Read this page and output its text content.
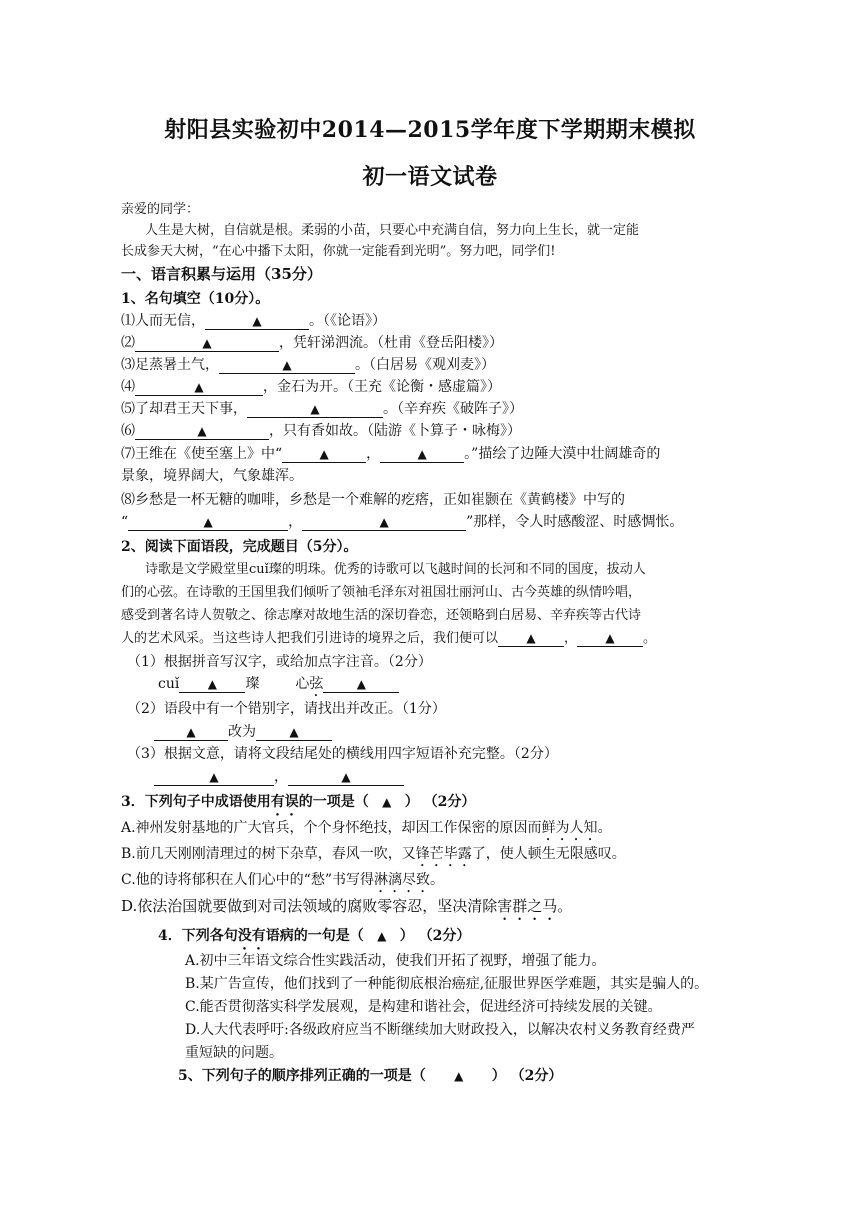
射阳县实验初中2014—2015学年度下学期期末模拟
初一语文试卷
亲爱的同学：
人生是大树，自信就是根。柔弱的小苗，只要心中充满自信，努力向上生长，就一定能
长成参天大树，“在心中播下太阳，你就一定能看到光明”。努力吧，同学们!
一、语言积累与运用（35分）
1、名句填空（10分）。
⑴人而无信，	▲	。（《论语》）
⑵	▲	，凭轩涕泗流。（杜甫《登岳阳楼》）
⑶足蒸暑土气，	▲	。（白居易《观刈麦》）
⑷	▲	，金石为开。（王充《论衡・感虚篇》）
⑸了却君王天下事，	▲	。（辛弃疾《破阵子》）
⑹	▲	，只有香如故。（陆游《卜算子・咏梅》）
⑺王维在《使至塞上》中“	▲	，	▲	。”描绘了边陲大漠中壮阔雄奇的
景象，境界阔大，气象雄浑。
⑻乡愁是一杯无糖的咖啡，乡愁是一个难解的疙瘩，正如崔颢在《黄鹤楼》中写的
“	▲	，	▲	”那样，令人时感酸涩、时感惆怅。
2、阅读下面语段，完成题目（5分）。
诗歌是文学殿堂里cuǐ璨的明珠。优秀的诗歌可以飞越时间的长河和不同的国度，拔动人
们的心弦。在诗歌的王国里我们倾听了领袖毛泽东对祖国壮丽河山、古今英雄的纵情吟唱，
感受到著名诗人贺敬之、徐志摩对故地生活的深切眷恋，还领略到白居易、辛弃疾等古代诗
人的艺术风采。当这些诗人把我们引进诗的境界之后，我们便可以 ▲ ， ▲ 。
（1）根据拼音写汉字，或给加点字注音。（2分）
cuǐ ▲ 璨	心弦	▲
（2）语段中有一个错别字，请找出并改正。（1分）
▲ 改为	▲
（3）根据文意，请将文段结尾处的横线用四字短语补充完整。（2分）
▲	，	▲
3．下列句子中成语使用有误的一项是（ ▲ ） （2分）
A.神州发射基地的广大官兵，个个身怀绝技，却因工作保密的原因而鲜为人知。
B.前几天刚刚清理过的树下杂草，春风一吹，又锋芒毕露了，使人顿生无限感叹。
C.他的诗将郁积在人们心中的“愁”书写得淋漓尽致。
D.依法治国就要做到对司法领域的腐败零容忍，坚决清除害群之马。
4．下列各句没有语病的一句是（ ▲ ） （2分）
A.初中三年语文综合性实践活动，使我们开拓了视野，增强了能力。
B.某广告宣传，他们找到了一种能彻底根治癌症,征服世界医学难题，其实是骗人的。
C.能否贯彻落实科学发展观，是构建和谐社会，促进经济可持续发展的关键。
D.人大代表呼吁:各级政府应当不断继续加大财政投入，以解决农村义务教育经费严
重短缺的问题。
5、下列句子的顺序排列正确的一项是（ ▲ ） （2分）
